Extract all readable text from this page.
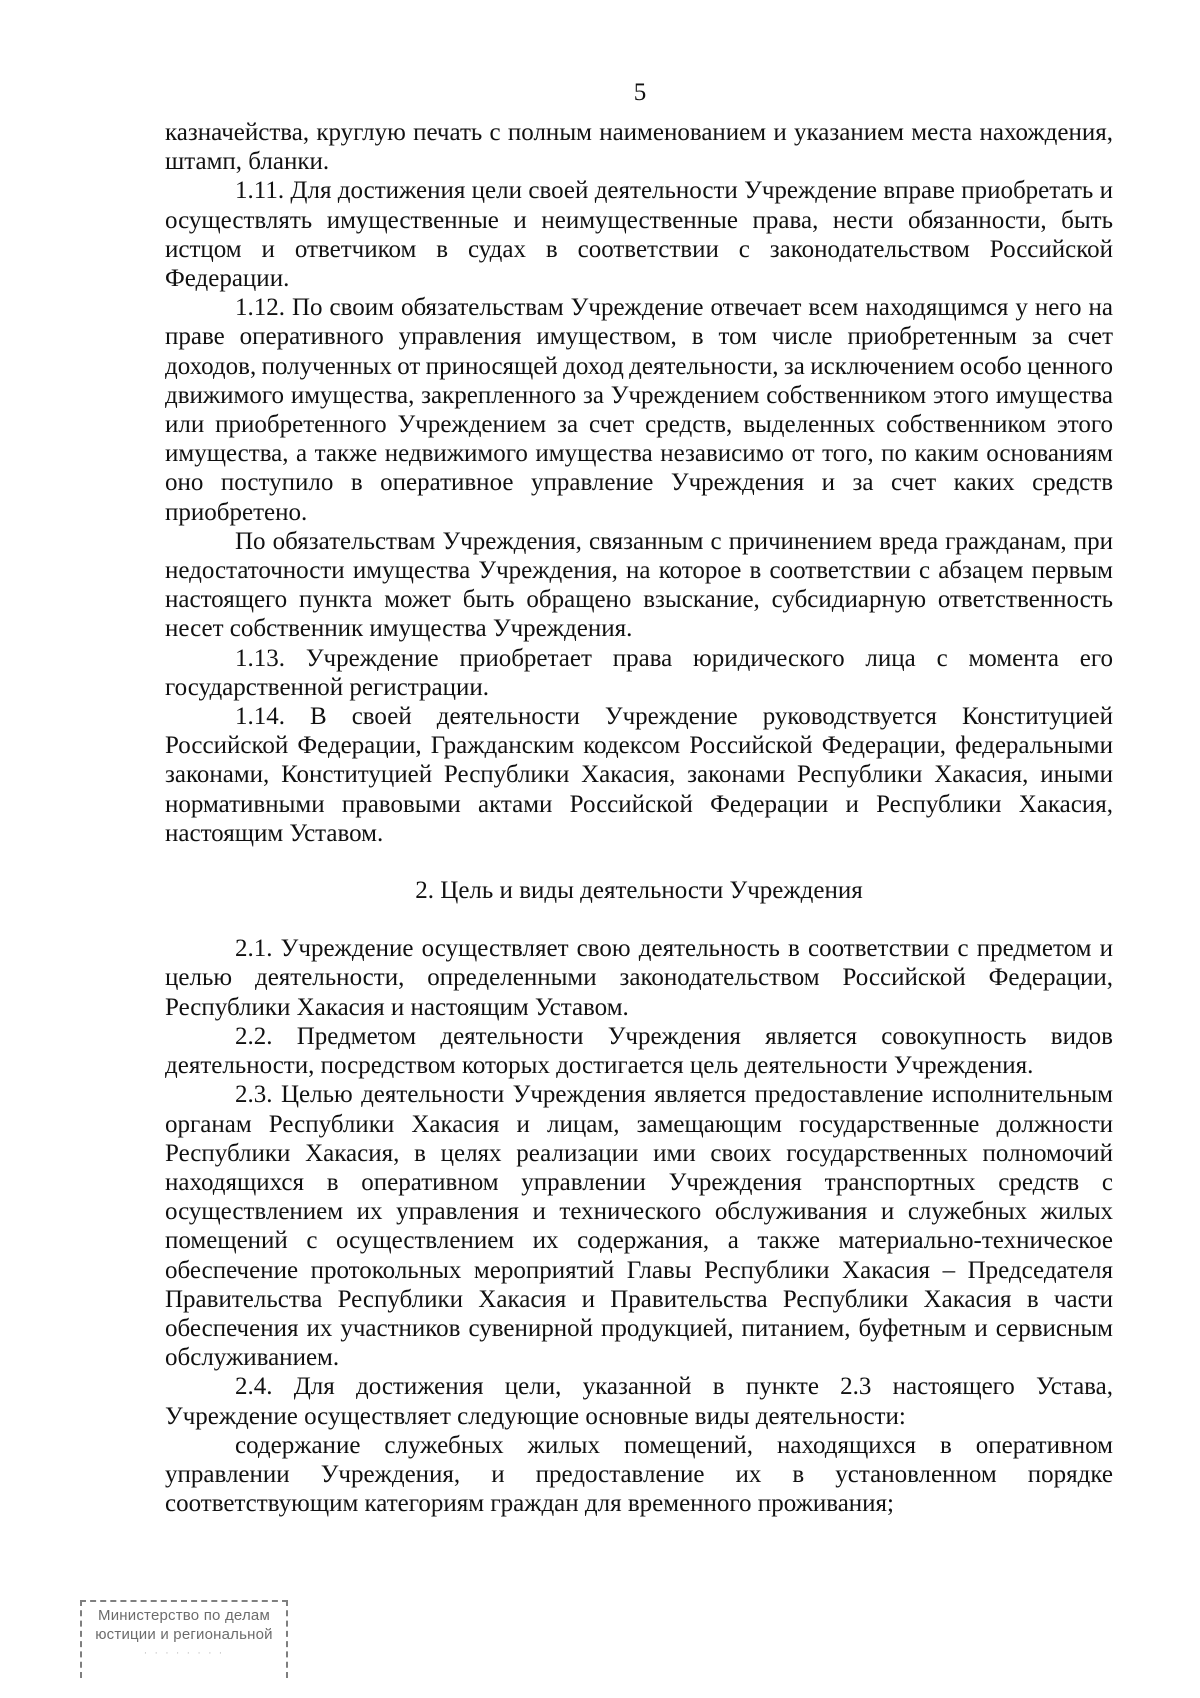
5

казначейства, круглую печать с полным наименованием и указанием места нахождения, штамп, бланки.

1.11. Для достижения цели своей деятельности Учреждение вправе приобретать и осуществлять имущественные и неимущественные права, нести обязанности, быть истцом и ответчиком в судах в соответствии с законодательством Российской Федерации.

1.12. По своим обязательствам Учреждение отвечает всем находящимся у него на праве оперативного управления имуществом, в том числе приобретенным за счет доходов, полученных от приносящей доход деятельности, за исключением особо ценного движимого имущества, закрепленного за Учреждением собственником этого имущества или приобретенного Учреждением за счет средств, выделенных собственником этого имущества, а также недвижимого имущества независимо от того, по каким основаниям оно поступило в оперативное управление Учреждения и за счет каких средств приобретено.

По обязательствам Учреждения, связанным с причинением вреда гражданам, при недостаточности имущества Учреждения, на которое в соответствии с абзацем первым настоящего пункта может быть обращено взыскание, субсидиарную ответственность несет собственник имущества Учреждения.

1.13. Учреждение приобретает права юридического лица с момента его государственной регистрации.

1.14. В своей деятельности Учреждение руководствуется Конституцией Российской Федерации, Гражданским кодексом Российской Федерации, федеральными законами, Конституцией Республики Хакасия, законами Республики Хакасия, иными нормативными правовыми актами Российской Федерации и Республики Хакасия, настоящим Уставом.

2. Цель и виды деятельности Учреждения

2.1. Учреждение осуществляет свою деятельность в соответствии с предметом и целью деятельности, определенными законодательством Российской Федерации, Республики Хакасия и настоящим Уставом.

2.2. Предметом деятельности Учреждения является совокупность видов деятельности, посредством которых достигается цель деятельности Учреждения.

2.3. Целью деятельности Учреждения является предоставление исполнительным органам Республики Хакасия и лицам, замещающим государственные должности Республики Хакасия, в целях реализации ими своих государственных полномочий находящихся в оперативном управлении Учреждения транспортных средств с осуществлением их управления и технического обслуживания и служебных жилых помещений с осуществлением их содержания, а также материально-техническое обеспечение протокольных мероприятий Главы Республики Хакасия – Председателя Правительства Республики Хакасия и Правительства Республики Хакасия в части обеспечения их участников сувенирной продукцией, питанием, буфетным и сервисным обслуживанием.

2.4. Для достижения цели, указанной в пункте 2.3 настоящего Устава, Учреждение осуществляет следующие основные виды деятельности:

содержание служебных жилых помещений, находящихся в оперативном управлении Учреждения, и предоставление их в установленном порядке соответствующим категориям граждан для временного проживания;

Министерство по делам
юстиции и региональной
· · · · · · · ·
